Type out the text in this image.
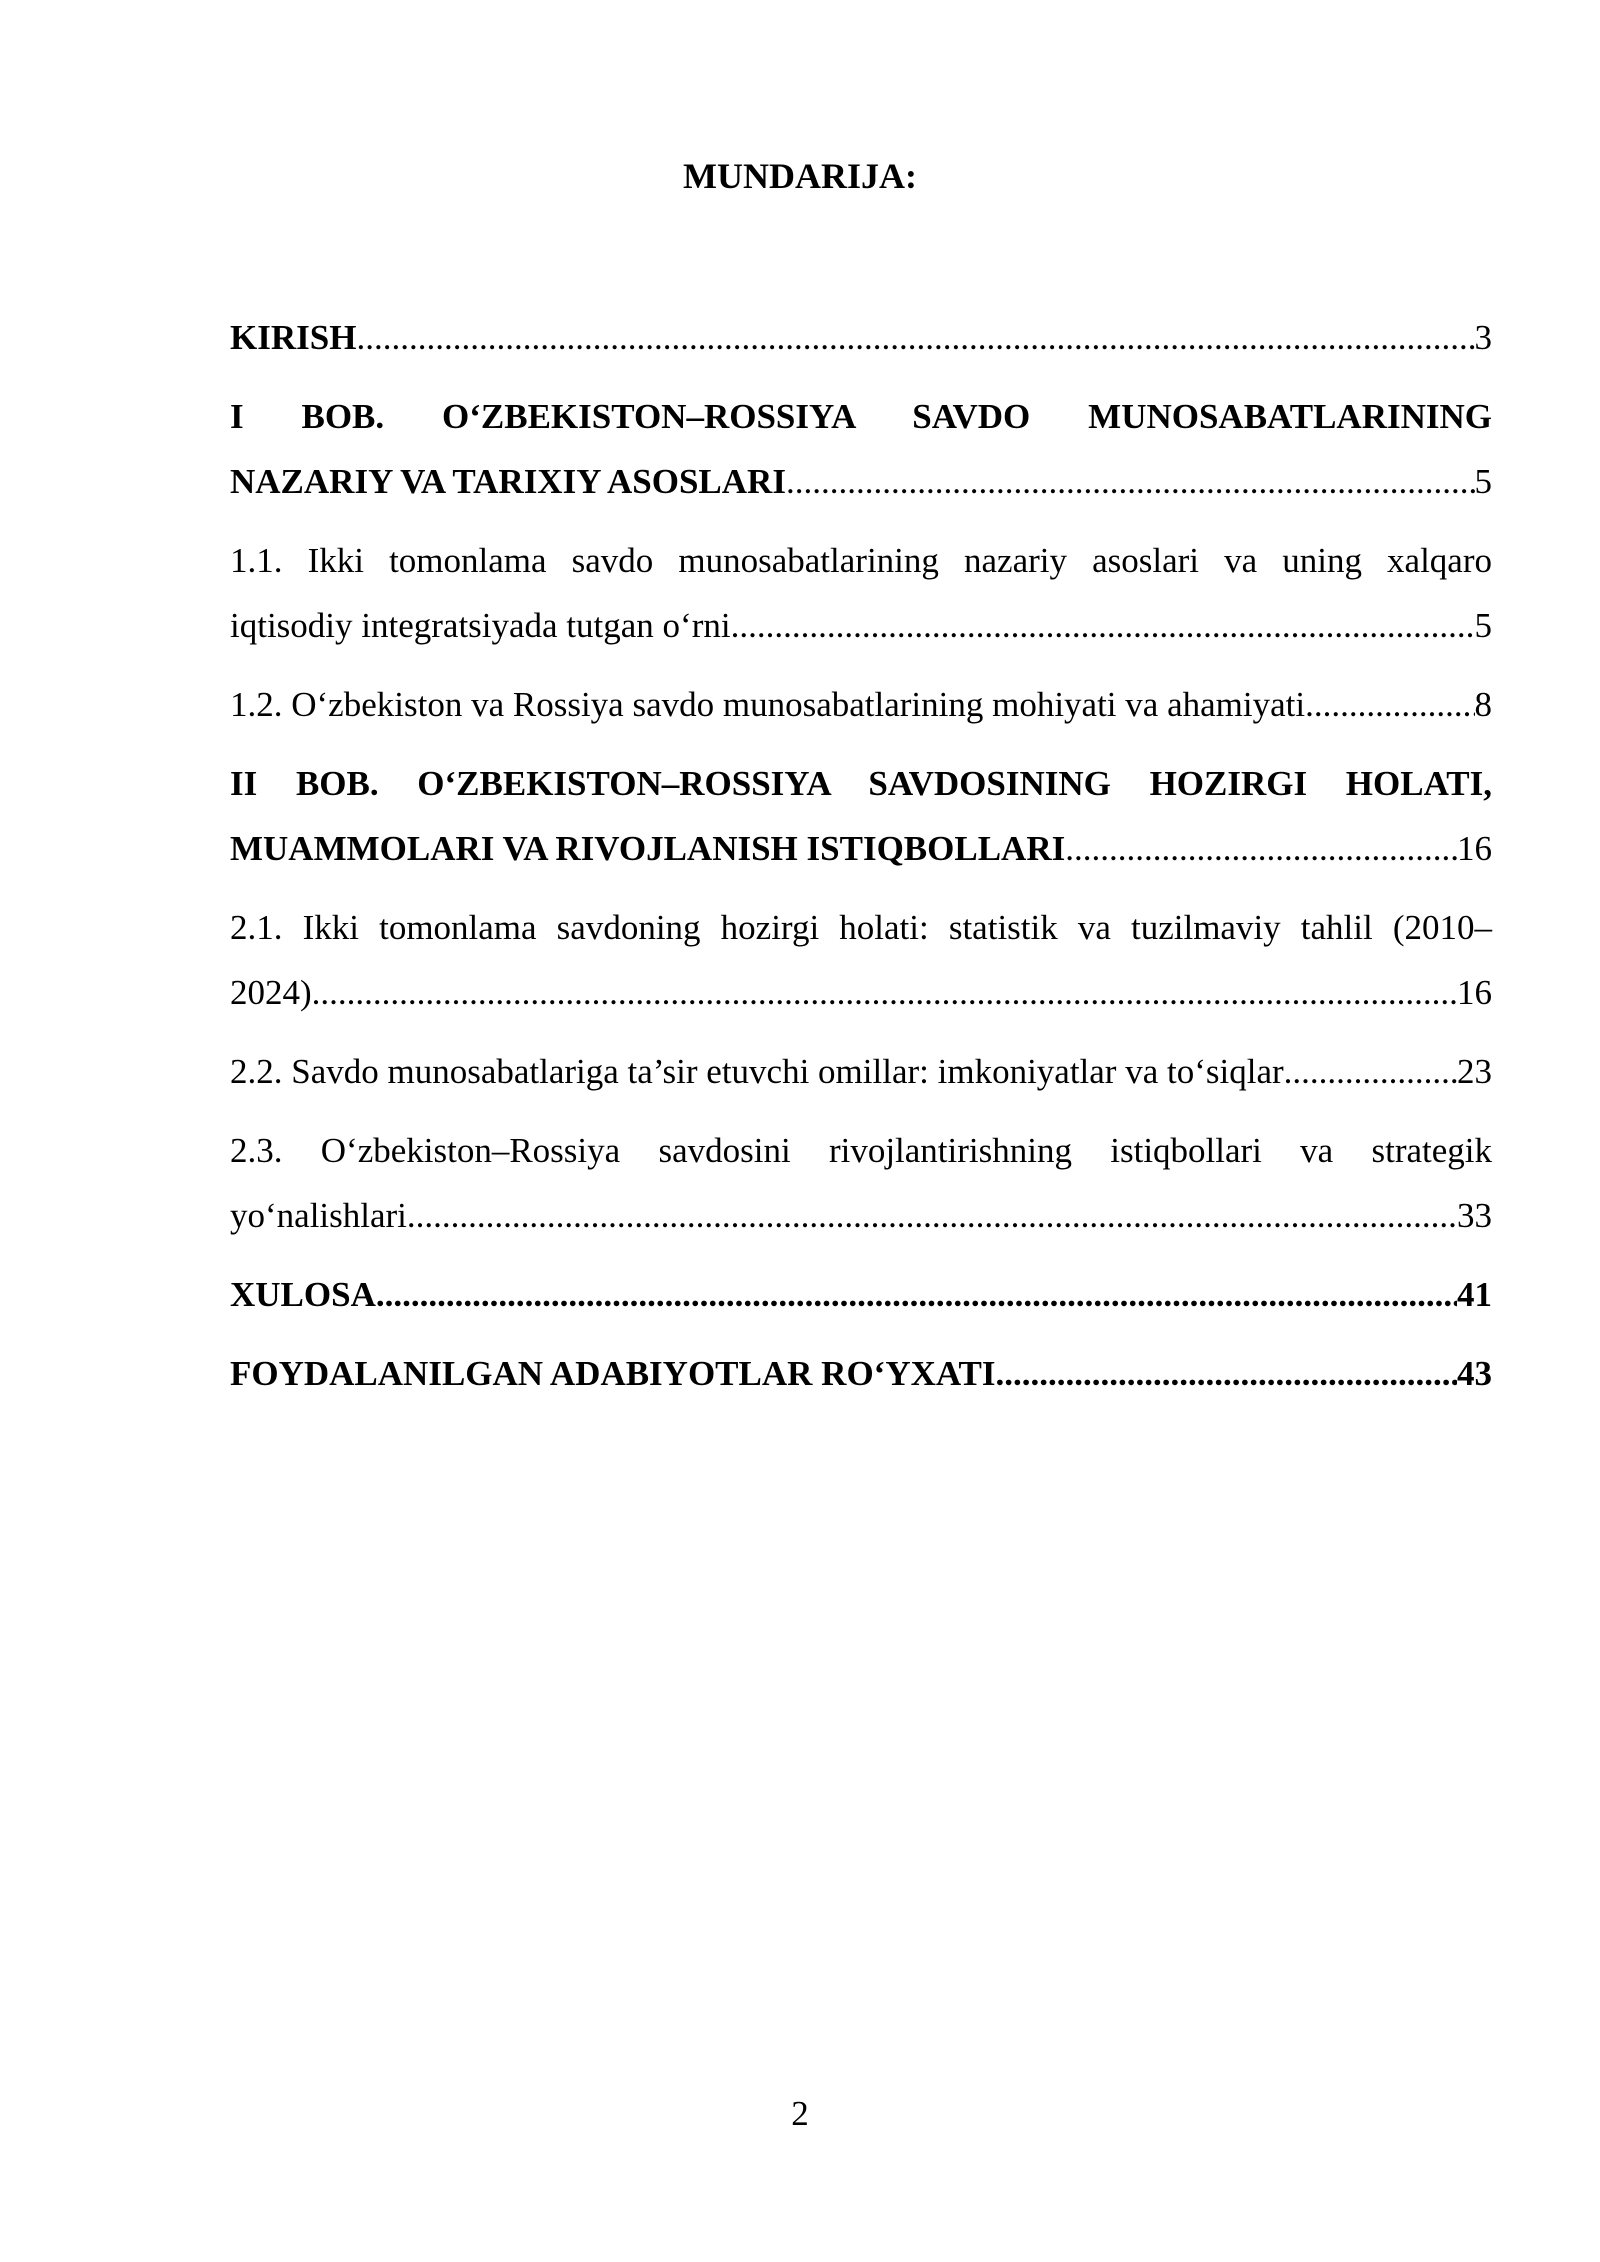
MUNDARIJA:
KIRISH .....	3
I BOB. O‘ZBEKISTON–ROSSIYA SAVDO MUNOSABATLARINING
NAZARIY VA TARIXIY ASOSLARI .....	5
1.1. Ikki tomonlama savdo munosabatlarining nazariy asoslari va uning xalqaro
iqtisodiy integratsiyada tutgan o‘rni .....	5
1.2. O‘zbekiston va Rossiya savdo munosabatlarining mohiyati va ahamiyati .....	8
II BOB. O‘ZBEKISTON–ROSSIYA SAVDOSINING HOZIRGI HOLATI,
MUAMMOLARI VA RIVOJLANISH ISTIQBOLLARI .....	16
2.1. Ikki tomonlama savdoning hozirgi holati: statistik va tuzilmaviy tahlil (2010–
2024) .....	16
2.2. Savdo munosabatlariga ta’sir etuvchi omillar: imkoniyatlar va to‘siqlar .....	23
2.3. O‘zbekiston–Rossiya savdosini rivojlantirishning istiqbollari va strategik
yo‘nalishlari .....	33
XULOSA .....	41
FOYDALANILGAN ADABIYOTLAR RO‘YXATI .....	43
2
